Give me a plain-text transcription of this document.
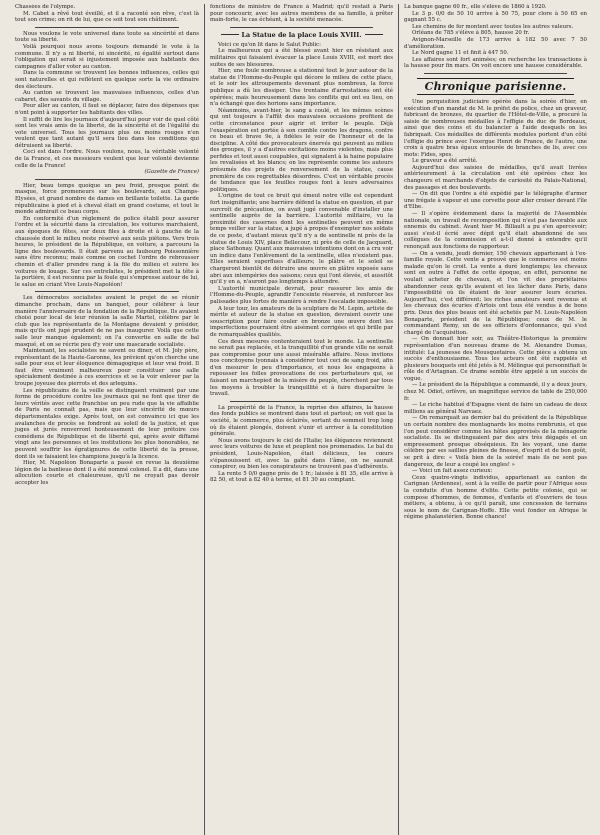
Chassées de l'olympe.

M. Cabet a rêvé tout éveillé, et il a raconté son rêve, c'est là tout son crime; on rit de lui, que ce soit tout son châtiment.

Nous voulons le vote universel dans toute sa sincérité et dans toute sa liberté.

Voilà pourquoi nous avons toujours demandé le vote à la commune. Il n'y a ni liberté, ni sincérité, ni égalité surtout dans l'obligation qui serait si injustement imposée aux habitants des campagnes d'aller voter au canton.

Dans la commune se trouvent les bonnes influences, celles qui sont naturelles et qui reflètent en quelque sorte la vie ordinaire des électeurs.

Au canton se trouvent les mauvaises influences, celles d'un cabaret, des savants du village.

Pour aller au canton, il faut se déplacer, faire des dépenses que n'ont point à supporter les habitants des villes.

Il suffit de lire les journaux d'aujourd'hui pour voir de quel côté sont les vrais amis de la liberté, de la sincérité et de l'égalité du vote universel. Tous les journaux plus ou moins rouges n'en veulent que tant autant qu'il sera lieu dans les conditions qui détruisent sa liberté.

Ceci est dans l'ordre. Nous voulons, nous, la véritable volonté de la France, et ces messieurs veulent que leur volonté devienne celle de la France!

(Gazette de France)

Hier, beau temps quoique un peu froid, presque point de masque, force promeneurs sur les boulevards, aux Champs-Elysées, et grand nombre de dames en brillante toilette. La garde républicaine à pied et à cheval était en grand costume, et tout le monde admirait ce beau corps.

En conformité d'un règlement de police établi pour assurer l'ordre et la sécurité dans la circulation, les voitures marchaient, aux époques de fêtes, sur deux files à droite et à gauche de la chaussée dont le milieu reste réservé aux seuls piétons. Vers trois heures, le président de la République, en voiture, a parcouru la ligne des boulevards. Il était parvenu au faubourg Poissonnière sans être reconnu; mais comme on cochet l'ordre de rebrousser chemin et d'aller prendre rang à la file du milieu et suivre les voitures de louage. Sur ces entrefaites, le président met la tête à la portière, il est reconnu par la foule qui s'empresse autour de lui, le salue en criant Vive Louis-Napoléon!

Les démocrates socialistes avaient le projet de se réunir dimanche prochain, dans un banquet, pour célébrer à leur manière l'anniversaire de la fondation de la République. Ils avaient choisi pour local de leur réunion la salle Martel, célèbre par le club que les représentants de la Montagne devaient y présider, mais qu'ils ont jugé prudent de ne pas inaugurer. Voilà que cette salle leur manque également; on l'a convertie en salle de bal masqué, et on se récrie peu d'y voir une mascarade socialiste.

Maintenant, les socialistes ne savent ou diner, et M. Joly père, représentant de la Haute-Garonne, les prévient qu'on cherche une salle pour eux et leur éloquence démagogique et leur vrai froid. Il faut être vraiment malheureux pour constituer une salle spécialement destinée à ces exercices et se la voir enlever par la troupe joyeuse des pierrots et des arlequins.

Les républicains de la veille se distinguent vraiment par une forme de procédure contre les journaux qui ne font que tirer de leurs vérités avec cette franchise un peu rude que la vie affaiblie de Paris ne connaît pas, mais que leur sincérité de mœurs départementales exige. Après tout, on est convaincu ici que les avalanches de procès se fondront au soleil de la justice, et que juges et jurés renverront honteusement de leur prétoire ces comédiens de République et de liberté qui, après avoir diffamé vingt ans les personnes et les institutions les plus honorables, ne peuvent souffrir les égratignures de cette liberté de la presse, dont ils se faisaient les champions jusqu'à la licence.

Hier, M. Napoléon Bonaparte a passé en revue la deuxième légion de la banlieue dont il a été nommé colonel. Il a dit, dans une allocution courte et chaleureuse, qu'il ne croyait pas devoir accepter les

fonctions de ministre de France à Madrid; qu'il restait à Paris pour concourir, avec les autres membres de sa famille, à prêter main-forte, le cas échéant, à la société menacée.

La Statue de la place Louis XVIII.

Voici ce qu'on lit dans le Salut Public:

Le malheureux qui a été blessé avant hier en résistant aux militaires qui faisaient évacuer la place Louis XVIII, est mort des suites de ses blessures.

Hier, une foule nombreuse a stationné tout le jour autour de la statue de l'Homme-du-Peuple qui décore le milieu de cette place, et le soir les attroupements devenant plus nombreux, la force publique a dû les dissiper. Une trentaine d'arrestations ont été opérées; mais heureusement dans les conflits qui ont eu lieu, on n'a échangé que des horions sans importance.

Néanmoins, avant-hier, le sang a coulé, et les mêmes scènes qui ont toujours à l'affût des mauvaises occasions profitent de cette circonstance pour aigrir et irriter le peuple. Déjà l'exaspération est portée à son comble contre les dragons, contre ce beau et brave 9e, à fidèles le voir de l'honneur et de la discipline. A côté des provocateurs énervés qui peuvent au milieu des groupes, il y a d'autres excitations moins violentes, mais plus perfides et tout aussi coupables, qui signalent à la haine populaire les revalisées et les blancs; on les représente comme les auteurs présumés des projets de renversement de la statue, cause première de ces regrettables désordres. C'est un véritable procès de tendance que les feuilles rouges font à leurs adversaires politiques.

L'origine de tout ce bruit qui émeut notre ville est cependant fort insignifiante; une barrière défend la statue en question, et par surcroît de précaution, on avait jugé convenable d'installer une sentinelle auprès de la barrière. L'autorité militaire, vu la proximité des casernes dont les sentinelles peuvent en même temps veiller sur la statue, a jugé à propos d'exempter nos soldats de ce poste, d'autant mieux qu'il n'y a de sentinelle ni près de la statue de Louis XIV, place Bellecour, ni près de celle de Jacquard, place Sathonay. Quant aux mauvaises intentions dont on a cru voir un indice dans l'enlèvement de la sentinelle, elles n'existent pas. Elles seraient superflues d'ailleurs; le plâtre et le soleil se chargeront bientôt de détruire une œuvre en plâtre exposée sans abri aux intempéries des saisons; ceux qui l'ont élevée, et aussitôt qu'il y en a, n'auront pas longtemps à attendre.

L'autorité municipale devrait, pour rassurer les amis de l'Homme-du-Peuple, agrandir l'enceinte réservée, et renforcer les palissades plus fortes de manière à rendre l'escalade impossible.

A leur tour, les amateurs de la sculpture de M. Lepin, artiste de mérite et auteur de la statue en question, devraient ouvrir une souscription pour faire couler en bronze une œuvre dont les imperfections pourraient être aisément corrigées et qui brille par de remarquables qualités.

Ces deux mesures contenteraient tout le monde. La sentinelle ne serait pas replacée, et la tranquillité d'un grande ville ne serait pas compromise pour une aussi misérable affaire. Nous invitons nos concitoyens lyonnais à considérer tout ceci de sang froid, afin d'en mesurer le peu d'importance, et nous les engageons à repousser les folles provocations de ces perturbateurs qui, se faisant un marchepied de la misère du peuple, cherchent par tous les moyens à troubler la tranquillité et à faire disparaître le travail.

La prospérité de la France, la reprise des affaires, la hausse des fonds publics se montrent dans tout et partout; on voit que la société, le commerce, plus éclairés, sortant du sommeil trop long où ils étaient plongés, doivent s'unir et arriver à la constitution générale.

Nous avons toujours le ciel de l'Italie; les élégances reviennent avec leurs voitures de luxe et peuplent nos promenades. Le bal du président, Louis-Napoléon, était délicieux, les cœurs s'épanouissent et, avec la gaîté dans l'âme, on ne saurait conspirer, ou bien les conspirateurs ne trouvent pas d'adhérents.

La rente 5 0/0 gagne près de 1 fr.; laissée à 81 35, elle arrive à 82 50, et tout à 82 40 à terme, et 81 30 au comptant.

La banque gagne 60 fr., elle s'élève de 1860 à 1920.

Le 3 p. 0/0 de 50 10 arrive à 50 75, pour clore à 50 65 en gagnant 55 c.

Les chemins de fer montent avec toutes les autres valeurs.

Orléans de 785 s'élève à 805, hausse 20 fr.

Avignon-Marseille de 173 arrive à 182 50 avec 7 50 d'amélioration.

Le Nord gagne 11 et finit à 447 50.

Les affaires sont fort animées; on recherche les transactions à la hausse pour fin mars. On voit encore une hausse considérable.

Chronique parisienne.

Une perquisition judiciaire opérée dans la soirée d'hier, en exécution d'un mandat de M. le préfet de police, chez un graveur, fabricant de bronzes, du quartier de l'Hôtel-de-Ville, a procuré la saisie de nombreuses médailles à l'effigie du duc de Bordeaux, ainsi que des coins et du balancier à l'aide desquels on les fabriquait. Ces médailles de différents modules portent d'un côté l'effigie du prince avec l'exergue Henri de France, de l'autre, une croix à quatre bras égaux entourée de branches de lis, avec ces mots: Fides, spes.

Le graveur a été arrêté.

Aujourd'hui des saisies de médailles, qu'il avait livrées antérieurement à la circulation ont été opérées chez les changeurs et marchands d'objets de curiosité du Palais-National, des passages et des boulevards.

— On dit que l'ordre a été expédié par le télégraphe d'armer une frégate à vapeur et une corvette pour aller croiser devant l'île d'Elbe.

— Il s'opère évidemment dans la majorité de l'Assemblée nationale, un travail de recomposition qui n'est pas favorable aux ennemis du cabinet. Avant hier M. Billault a pu s'en apercevoir; aussi s'est-il écrié avec dépit qu'il était abandonné de ses collègues de la commission et a-t-il donné à entendre qu'il renonçait aux fonctions de rapporteur.

— On a vendu, jeudi dernier, 150 chevaux appartenant à l'ex-famille royale. Cette vente a prouvé que le commerce est moins malade qu'on le croit. La vente a duré longtemps; les chevaux sont en outre à l'effet de cette époque, en effet, personne ne voulait acheter de chevaux, et l'on vit des propriétaires abandonner ceux qu'ils avaient et les lâcher dans Paris, dans l'impossibilité où ils étaient de leur assurer leurs écuries. Aujourd'hui, c'est différent; les riches amateurs sont revenus et les chevaux des écuries d'Artois ont tous été vendus à de bons prix. Deux des plus beaux ont été achetés par M. Louis-Napoléon Bonaparte, président de la République; ceux de M. le commandant Remy, un de ses officiers d'ordonnance, qui s'est chargé de l'acquisition.

— On donnait hier soir, au Théâtre-Historique la première représentation d'un nouveau drame de M. Alexandre Dumas, intitulé: La jeunesse des Mousquetaires. Cette pièce a obtenu un succès d'enthousiasme. Tous les acteurs ont été rappelés et plusieurs bouquets ont été jetés à M. Mélingue qui personnifiait le rôle de d'Artagnan. Ce drame semble être appelé à un succès de vogue.

— Le président de la République a commandé, il y a deux jours, chez M. Odiot, orfèvre, un magnifique service de table de 250,000 fr.

— Le riche habitué d'Espagne vient de faire un cadeau de deux millions au général Narvaez.

— On remarquait au dernier bal du président de la République un certain nombre des montagnards les moins rembrunis, et que l'on peut considérer comme les hôtes approvisés de la ménagerie socialiste. Ils se distinguaient par des airs très dégagés et un empressement presque obséquieux. En les voyant, une dame célèbre par ses saillies pleines de finesse, d'esprit et de bon goût, se prit à dire: « Voilà bien de la soirée! mais ils ne sont pas dangereux, de leur a coupé les ongles! »

— Voici un fait assez curieux:

Ceux quatre-vingts individus, appartenant au canton de Carignan (Ardennes), sont à la veille de partir pour l'Afrique sous la conduite d'un homme d'elite. Cette petite colonie, qui se compose d'hommes, de femmes, d'enfants et d'ouvriers de tous métiers, a obtenu, à ce qu'il paraît, une concession de terrains sous le nom de Carignan-Hoffe. Elle veut fonder en Afrique le régime phalanstérien. Bonne chance!
